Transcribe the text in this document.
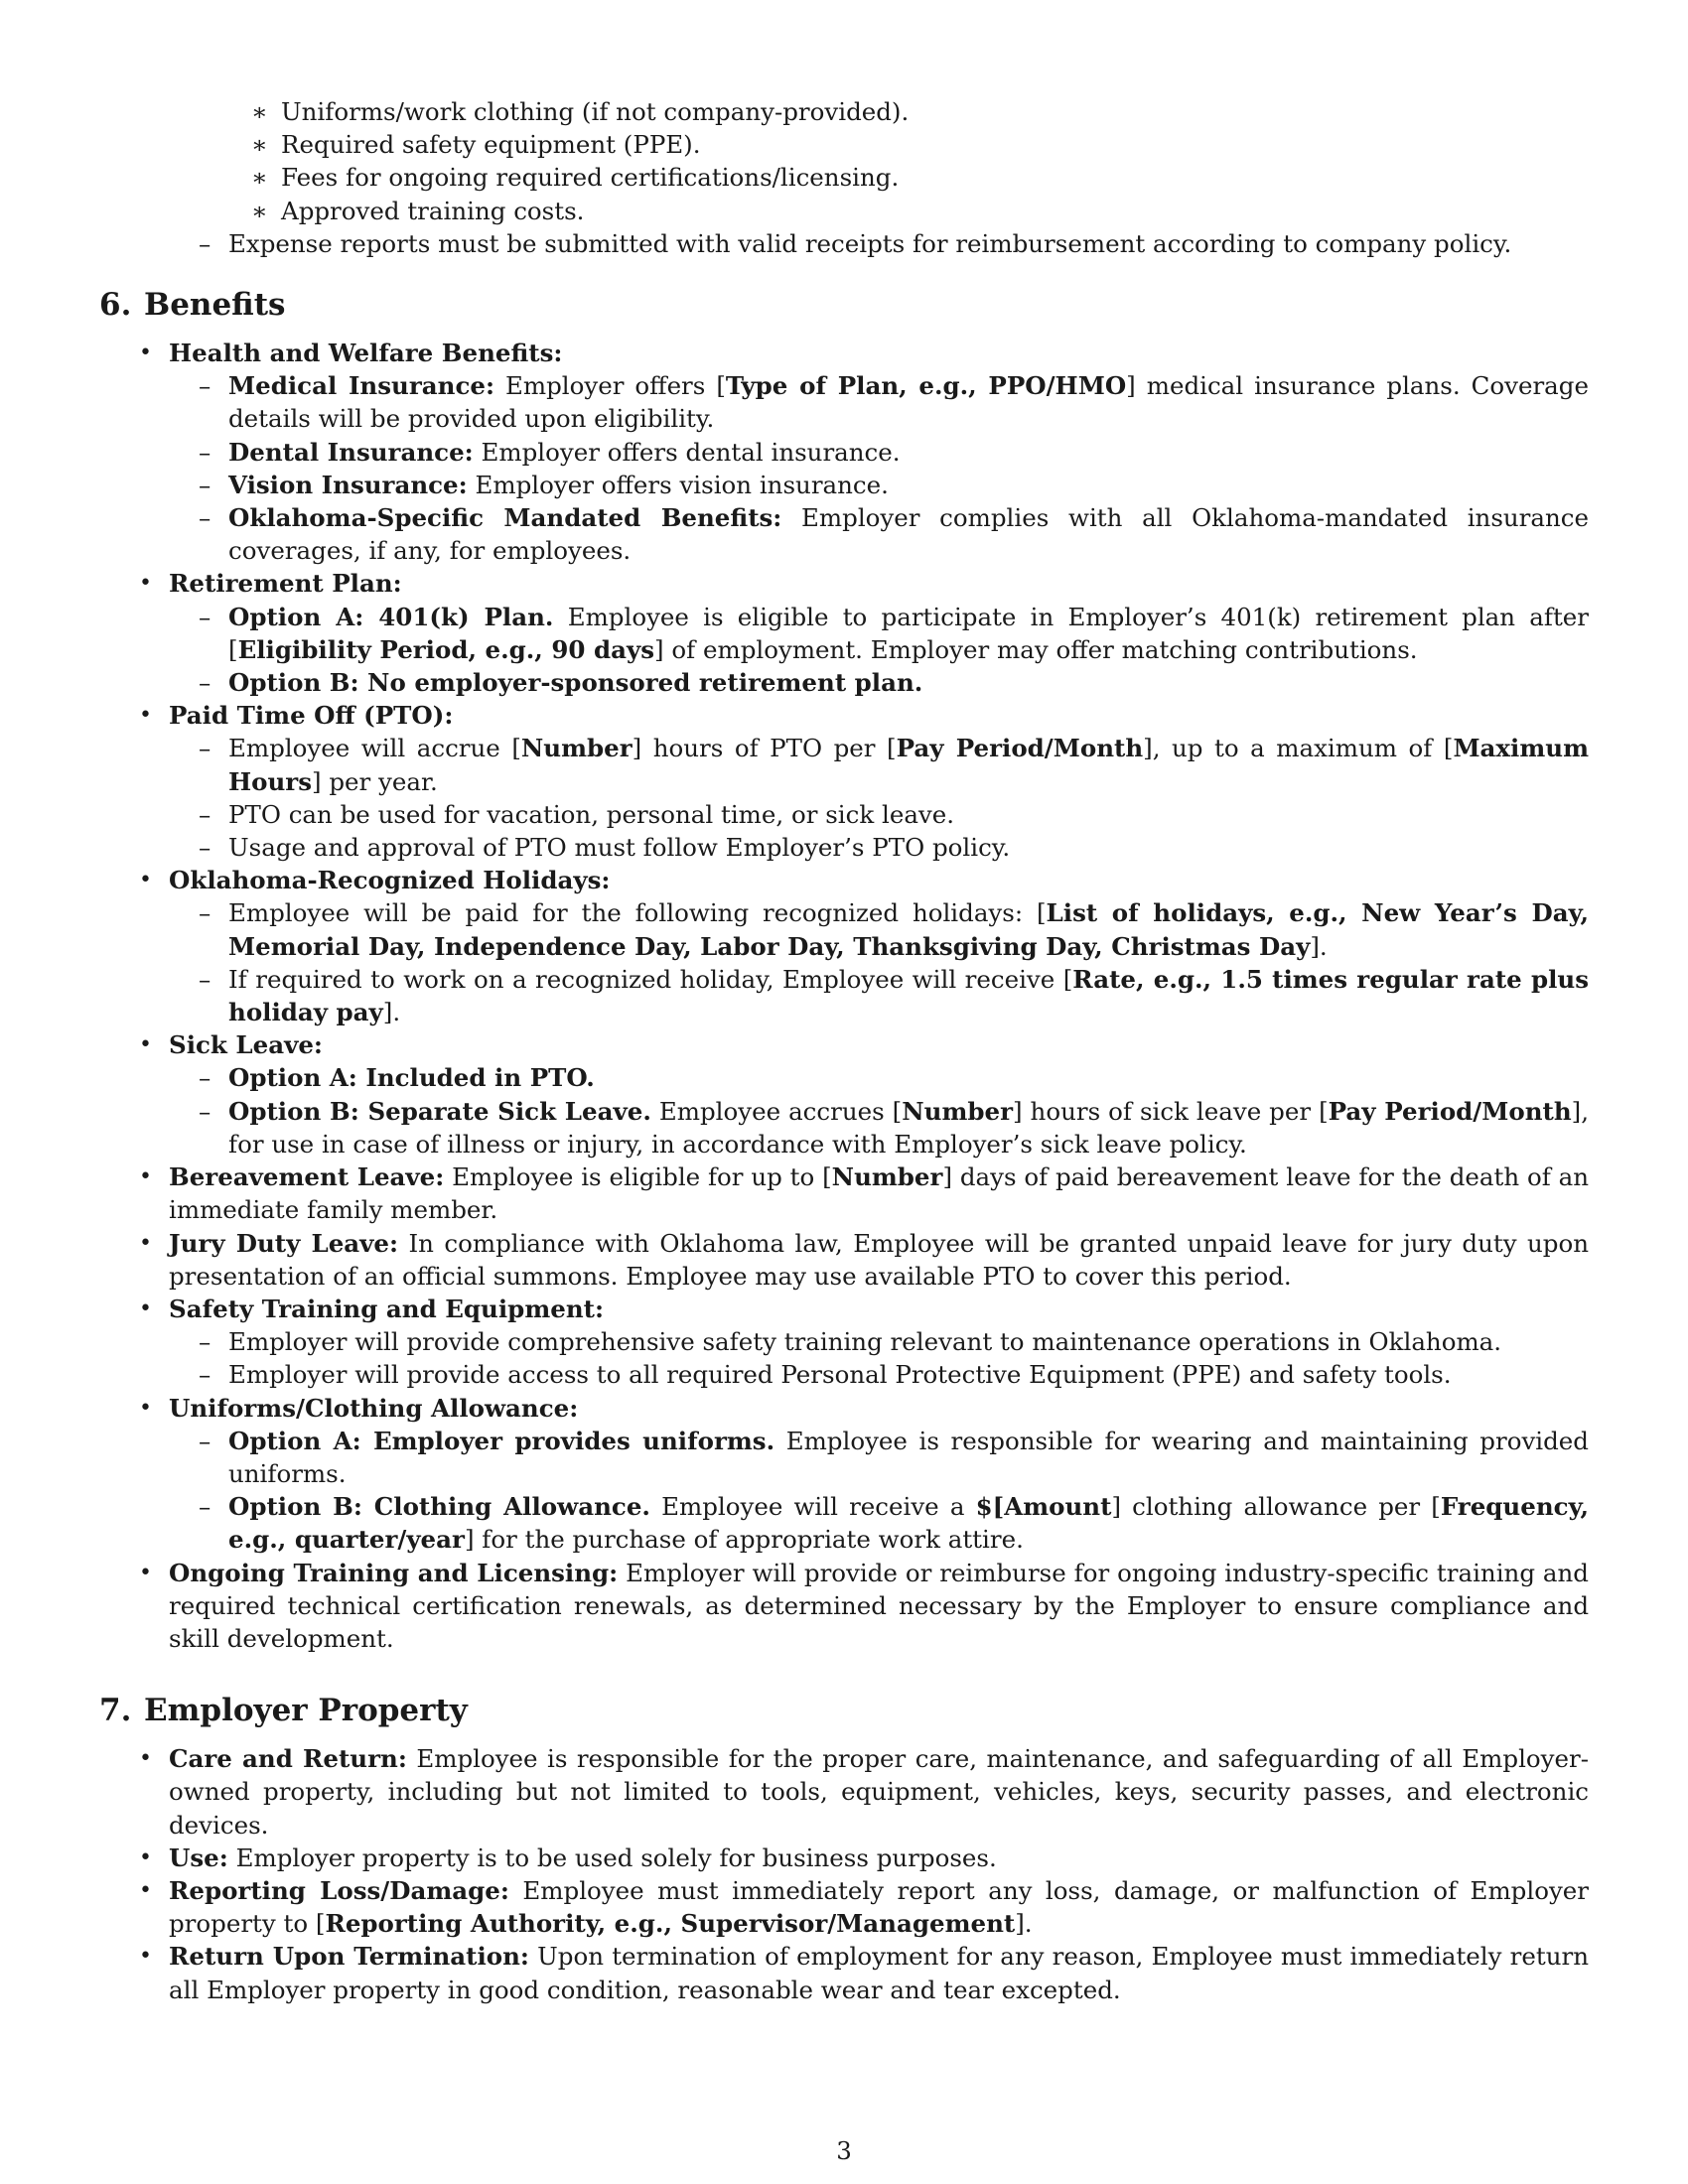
∗ Uniforms/work clothing (if not company-provided).
∗ Required safety equipment (PPE).
∗ Fees for ongoing required certifications/licensing.
∗ Approved training costs.
– Expense reports must be submitted with valid receipts for reimbursement according to company policy.
6. Benefits
• Health and Welfare Benefits:
– Medical Insurance: Employer offers [Type of Plan, e.g., PPO/HMO] medical insurance plans. Coverage details will be provided upon eligibility.
– Dental Insurance: Employer offers dental insurance.
– Vision Insurance: Employer offers vision insurance.
– Oklahoma-Specific Mandated Benefits: Employer complies with all Oklahoma-mandated insurance coverages, if any, for employees.
• Retirement Plan:
– Option A: 401(k) Plan. Employee is eligible to participate in Employer’s 401(k) retirement plan after [Eligibility Period, e.g., 90 days] of employment. Employer may offer matching contributions.
– Option B: No employer-sponsored retirement plan.
• Paid Time Off (PTO):
– Employee will accrue [Number] hours of PTO per [Pay Period/Month], up to a maximum of [Maximum Hours] per year.
– PTO can be used for vacation, personal time, or sick leave.
– Usage and approval of PTO must follow Employer’s PTO policy.
• Oklahoma-Recognized Holidays:
– Employee will be paid for the following recognized holidays: [List of holidays, e.g., New Year’s Day, Memorial Day, Independence Day, Labor Day, Thanksgiving Day, Christmas Day].
– If required to work on a recognized holiday, Employee will receive [Rate, e.g., 1.5 times regular rate plus holiday pay].
• Sick Leave:
– Option A: Included in PTO.
– Option B: Separate Sick Leave. Employee accrues [Number] hours of sick leave per [Pay Period/Month], for use in case of illness or injury, in accordance with Employer’s sick leave policy.
• Bereavement Leave: Employee is eligible for up to [Number] days of paid bereavement leave for the death of an immediate family member.
• Jury Duty Leave: In compliance with Oklahoma law, Employee will be granted unpaid leave for jury duty upon presentation of an official summons. Employee may use available PTO to cover this period.
• Safety Training and Equipment:
– Employer will provide comprehensive safety training relevant to maintenance operations in Oklahoma.
– Employer will provide access to all required Personal Protective Equipment (PPE) and safety tools.
• Uniforms/Clothing Allowance:
– Option A: Employer provides uniforms. Employee is responsible for wearing and maintaining provided uniforms.
– Option B: Clothing Allowance. Employee will receive a $[Amount] clothing allowance per [Frequency, e.g., quarter/year] for the purchase of appropriate work attire.
• Ongoing Training and Licensing: Employer will provide or reimburse for ongoing industry-specific training and required technical certification renewals, as determined necessary by the Employer to ensure compliance and skill development.
7. Employer Property
• Care and Return: Employee is responsible for the proper care, maintenance, and safeguarding of all Employer-owned property, including but not limited to tools, equipment, vehicles, keys, security passes, and electronic devices.
• Use: Employer property is to be used solely for business purposes.
• Reporting Loss/Damage: Employee must immediately report any loss, damage, or malfunction of Employer property to [Reporting Authority, e.g., Supervisor/Management].
• Return Upon Termination: Upon termination of employment for any reason, Employee must immediately return all Employer property in good condition, reasonable wear and tear excepted.
3
